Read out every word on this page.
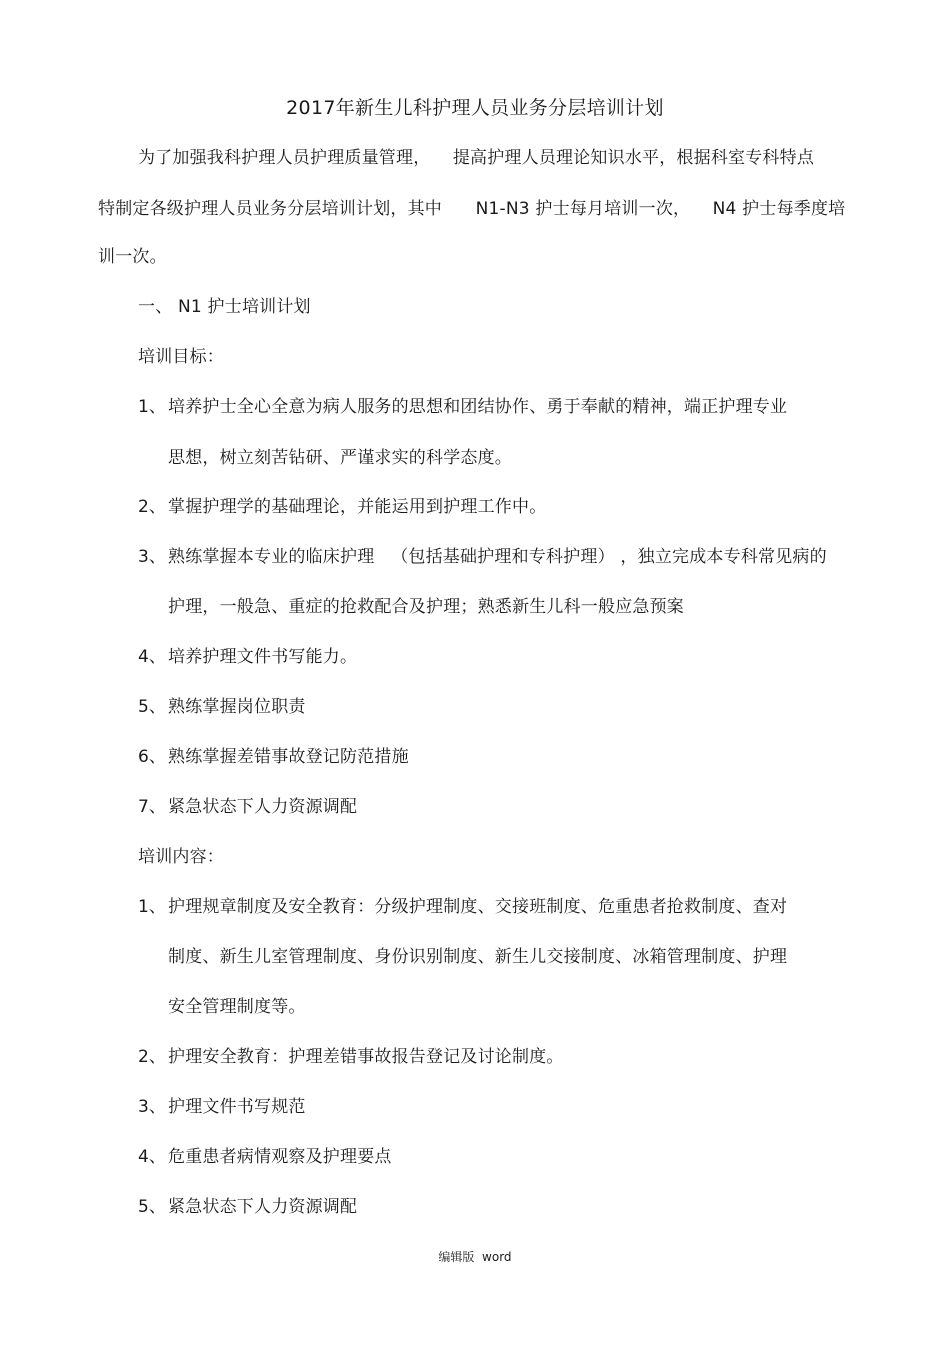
2017年新生儿科护理人员业务分层培训计划
为了加强我科护理人员护理质量管理，    提高护理人员理论知识水平，根据科室专科特点
特制定各级护理人员业务分层培训计划，其中      N1-N3 护士每月培训一次，    N4 护士每季度培
训一次。
一、 N1 护士培训计划
培训目标：
1、 培养护士全心全意为病人服务的思想和团结协作、勇于奉献的精神，端正护理专业
思想，树立刻苦钻研、严谨求实的科学态度。
2、 掌握护理学的基础理论，并能运用到护理工作中。
3、 熟练掌握本专业的临床护理   （包括基础护理和专科护理） ，独立完成本专科常见病的
护理，一般急、重症的抢救配合及护理；熟悉新生儿科一般应急预案
4、 培养护理文件书写能力。
5、 熟练掌握岗位职责
6、 熟练掌握差错事故登记防范措施
7、 紧急状态下人力资源调配
培训内容：
1、 护理规章制度及安全教育：分级护理制度、交接班制度、危重患者抢救制度、查对
制度、新生儿室管理制度、身份识别制度、新生儿交接制度、冰箱管理制度、护理
安全管理制度等。
2、 护理安全教育：护理差错事故报告登记及讨论制度。
3、 护理文件书写规范
4、 危重患者病情观察及护理要点
5、 紧急状态下人力资源调配
编辑版  word
